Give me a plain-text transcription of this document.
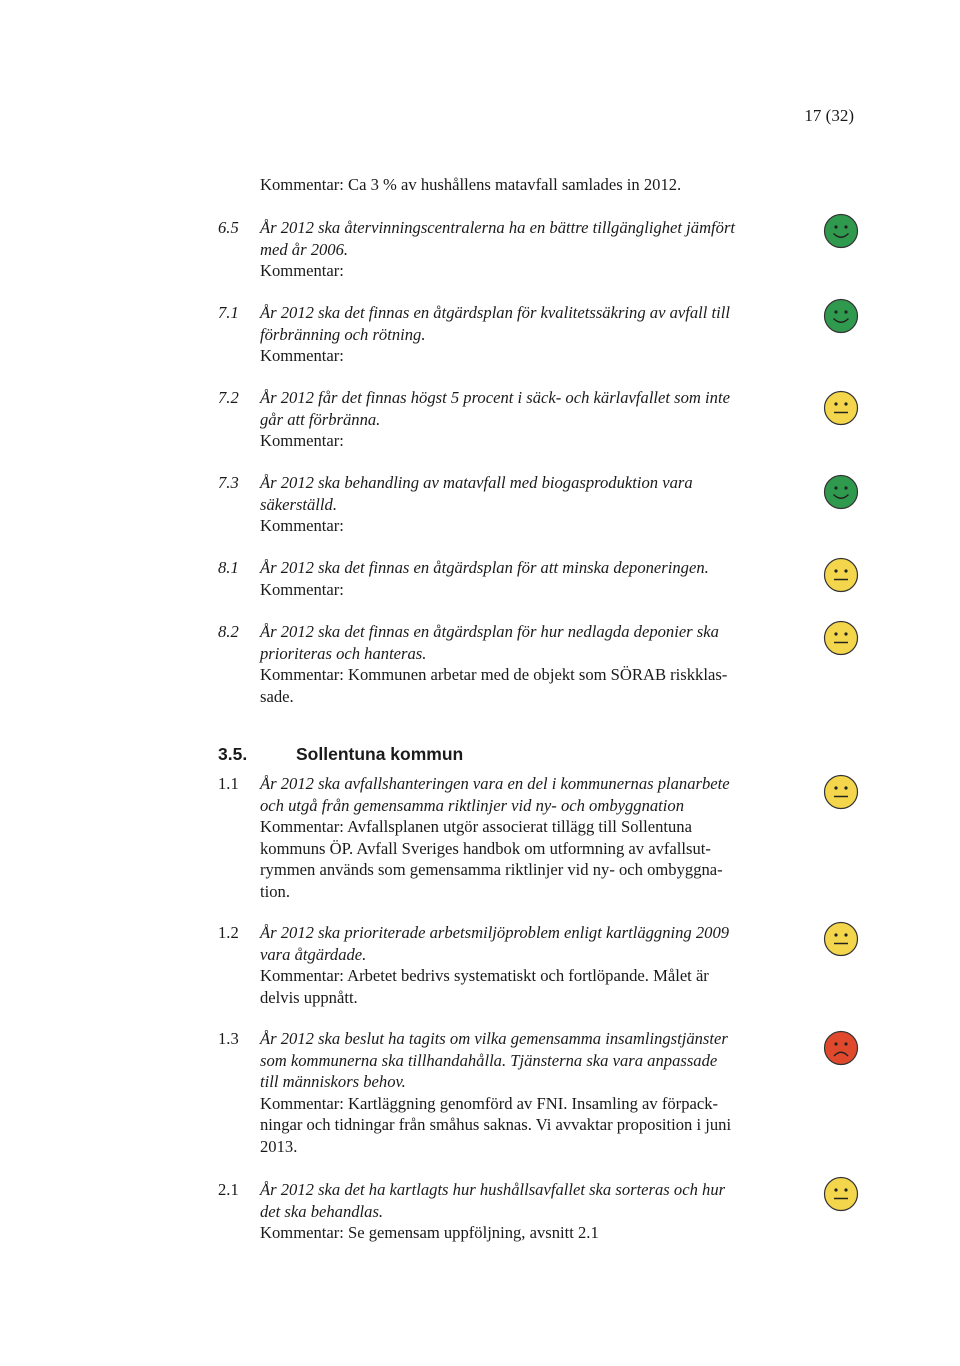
17 (32)
Kommentar: Ca 3 % av hushållens matavfall samlades in 2012.
6.5	År 2012 ska återvinningscentralerna ha en bättre tillgänglighet jämfört
med år 2006.
Kommentar:
7.1	År 2012 ska det finnas en åtgärdsplan för kvalitetssäkring av avfall till
förbränning och rötning.
Kommentar:
7.2	År 2012 får det finnas högst 5 procent i säck- och kärlavfallet som inte
går att förbränna.
Kommentar:
7.3	År 2012 ska behandling av matavfall med biogasproduktion vara
säkerställd.
Kommentar:
8.1	År 2012 ska det finnas en åtgärdsplan för att minska deponeringen.
Kommentar:
8.2	År 2012 ska det finnas en åtgärdsplan för hur nedlagda deponier ska
prioriteras och hanteras.
Kommentar: Kommunen arbetar med de objekt som SÖRAB riskklas-
sade.
3.5.	Sollentuna kommun
1.1	År 2012 ska avfallshanteringen vara en del i kommunernas planarbete
och utgå från gemensamma riktlinjer vid ny- och ombyggnation
Kommentar: Avfallsplanen utgör associerat tillägg till Sollentuna
kommuns ÖP. Avfall Sveriges handbok om utformning av avfallsut-
rymmen används som gemensamma riktlinjer vid ny- och ombyggna-
tion.
1.2	År 2012 ska prioriterade arbetsmiljöproblem enligt kartläggning 2009
vara åtgärdade.
Kommentar: Arbetet bedrivs systematiskt och fortlöpande. Målet är
delvis uppnått.
1.3	År 2012 ska beslut ha tagits om vilka gemensamma insamlingstjänster
som kommunerna ska tillhandahålla. Tjänsterna ska vara anpassade
till människors behov.
Kommentar: Kartläggning genomförd av FNI. Insamling av förpack-
ningar och tidningar från småhus saknas. Vi avvaktar proposition i juni
2013.
2.1	År 2012 ska det ha kartlagts hur hushållsavfallet ska sorteras och hur
det ska behandlas.
Kommentar: Se gemensam uppföljning, avsnitt 2.1
